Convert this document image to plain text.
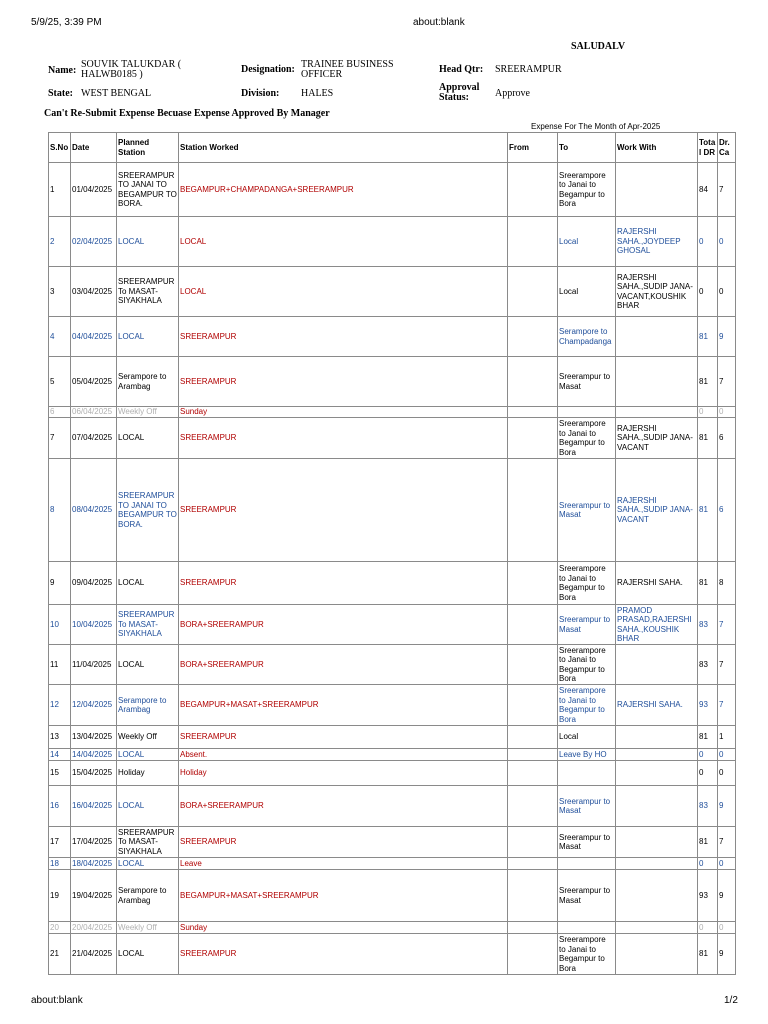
5/9/25, 3:39 PM	about:blank
SALUDALV
Name:
SOUVIK TALUKDAR ( HALWB0185 )	Designation: TRAINEE BUSINESS OFFICER	Head Qtr: SREERAMPUR
State: WEST BENGAL	Division: HALES
Approval Status:	Approve
Can't Re-Submit Expense Becuase Expense Approved By Manager
Expense For The Month of Apr-2025
S.No	Date	Planned Station	Station Worked	From	To	Work With	Total DR	Dr. Ca
1	01/04/2025	SREERAMPUR TO JANAI TO BEGAMPUR TO BORA.	BEGAMPUR+CHAMPADANGA+SREERAMPUR		Sreerampore to Janai to Begampur to Bora		84	7
2	02/04/2025	LOCAL	LOCAL		Local	RAJERSHI SAHA.,JOYDEEP GHOSAL	0	0
3	03/04/2025	SREERAMPUR To MASAT-SIYAKHALA	LOCAL		Local	RAJERSHI SAHA.,SUDIP JANA-VACANT,KOUSHIK BHAR	0	0
4	04/04/2025	LOCAL	SREERAMPUR		Serampore to Champadanga		81	9
5	05/04/2025	Serampore to Arambag	SREERAMPUR		Sreerampur to Masat		81	7
6	06/04/2025	Weekly Off	Sunday				0	0
7	07/04/2025	LOCAL	SREERAMPUR		Sreerampore to Janai to Begampur to Bora	RAJERSHI SAHA.,SUDIP JANA-VACANT	81	6
8	08/04/2025	SREERAMPUR TO JANAI TO BEGAMPUR TO BORA.	SREERAMPUR		Sreerampur to Masat	RAJERSHI SAHA.,SUDIP JANA-VACANT	81	6
9	09/04/2025	LOCAL	SREERAMPUR		Sreerampore to Janai to Begampur to Bora	RAJERSHI SAHA.	81	8
10	10/04/2025	SREERAMPUR To MASAT-SIYAKHALA	BORA+SREERAMPUR		Sreerampur to Masat	PRAMOD PRASAD,RAJERSHI SAHA.,KOUSHIK BHAR	83	7
11	11/04/2025	LOCAL	BORA+SREERAMPUR		Sreerampore to Janai to Begampur to Bora		83	7
12	12/04/2025	Serampore to Arambag	BEGAMPUR+MASAT+SREERAMPUR		Sreerampore to Janai to Begampur to Bora	RAJERSHI SAHA.	93	7
13	13/04/2025	Weekly Off	SREERAMPUR		Local		81	1
14	14/04/2025	LOCAL	Absent.		Leave By HO		0	0
15	15/04/2025	Holiday	Holiday				0	0
16	16/04/2025	LOCAL	BORA+SREERAMPUR		Sreerampur to Masat		83	9
17	17/04/2025	SREERAMPUR To MASAT-SIYAKHALA	SREERAMPUR		Sreerampur to Masat		81	7
18	18/04/2025	LOCAL	Leave				0	0
19	19/04/2025	Serampore to Arambag	BEGAMPUR+MASAT+SREERAMPUR		Sreerampur to Masat		93	9
20	20/04/2025	Weekly Off	Sunday				0	0
21	21/04/2025	LOCAL	SREERAMPUR		Sreerampore to Janai to Begampur to Bora		81	9
about:blank	1/2
